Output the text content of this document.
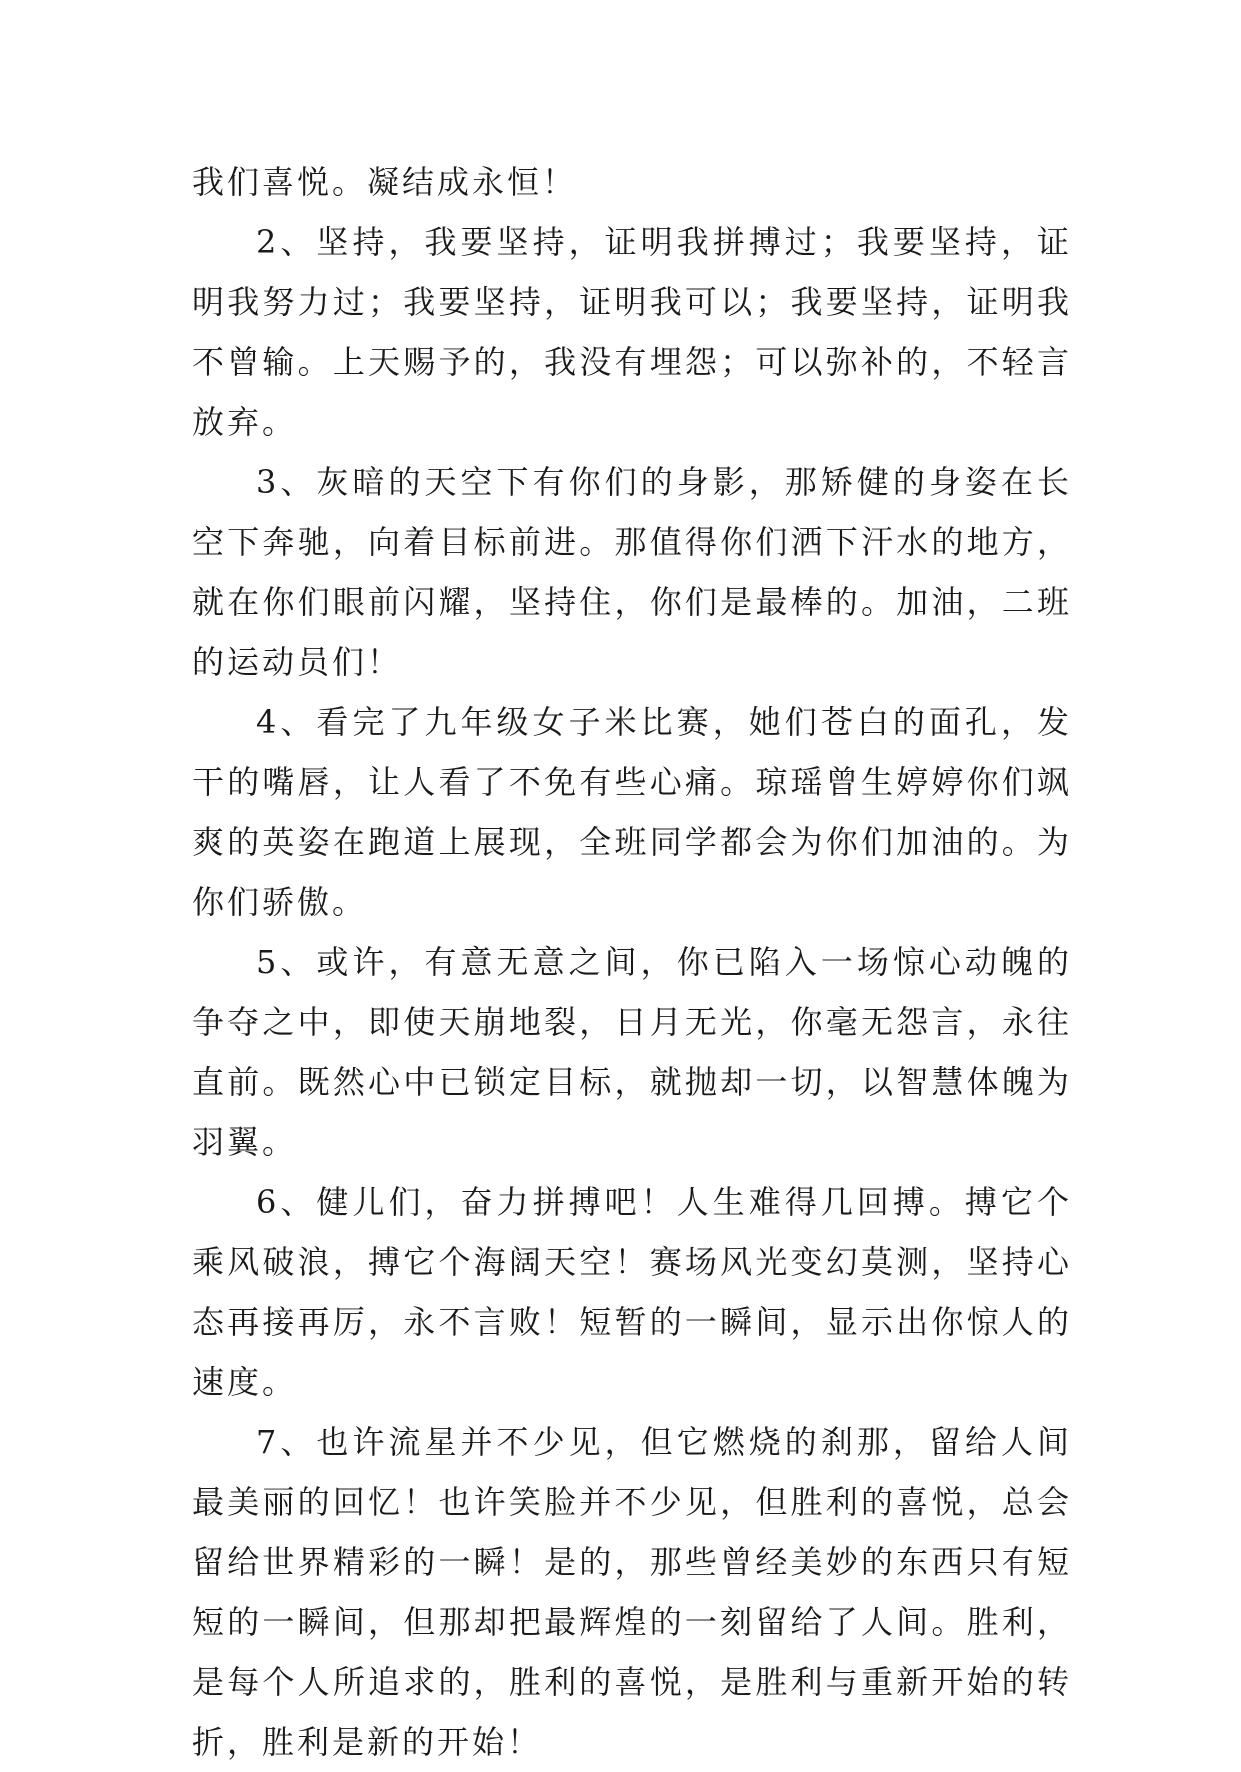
我们喜悦。凝结成永恒！

2、坚持，我要坚持，证明我拼搏过；我要坚持，证明我努力过；我要坚持，证明我可以；我要坚持，证明我不曾输。上天赐予的，我没有埋怨；可以弥补的，不轻言放弃。

3、灰暗的天空下有你们的身影，那矫健的身姿在长空下奔驰，向着目标前进。那值得你们洒下汗水的地方，就在你们眼前闪耀，坚持住，你们是最棒的。加油，二班的运动员们！

4、看完了九年级女子米比赛，她们苍白的面孔，发干的嘴唇，让人看了不免有些心痛。琼瑶曾生婷婷你们飒爽的英姿在跑道上展现，全班同学都会为你们加油的。为你们骄傲。

5、或许，有意无意之间，你已陷入一场惊心动魄的争夺之中，即使天崩地裂，日月无光，你毫无怨言，永往直前。既然心中已锁定目标，就抛却一切，以智慧体魄为羽翼。

6、健儿们，奋力拼搏吧！人生难得几回搏。搏它个乘风破浪，搏它个海阔天空！赛场风光变幻莫测，坚持心态再接再厉，永不言败！短暂的一瞬间，显示出你惊人的速度。

7、也许流星并不少见，但它燃烧的刹那，留给人间最美丽的回忆！也许笑脸并不少见，但胜利的喜悦，总会留给世界精彩的一瞬！是的，那些曾经美妙的东西只有短短的一瞬间，但那却把最辉煌的一刻留给了人间。胜利，是每个人所追求的，胜利的喜悦，是胜利与重新开始的转折，胜利是新的开始！
